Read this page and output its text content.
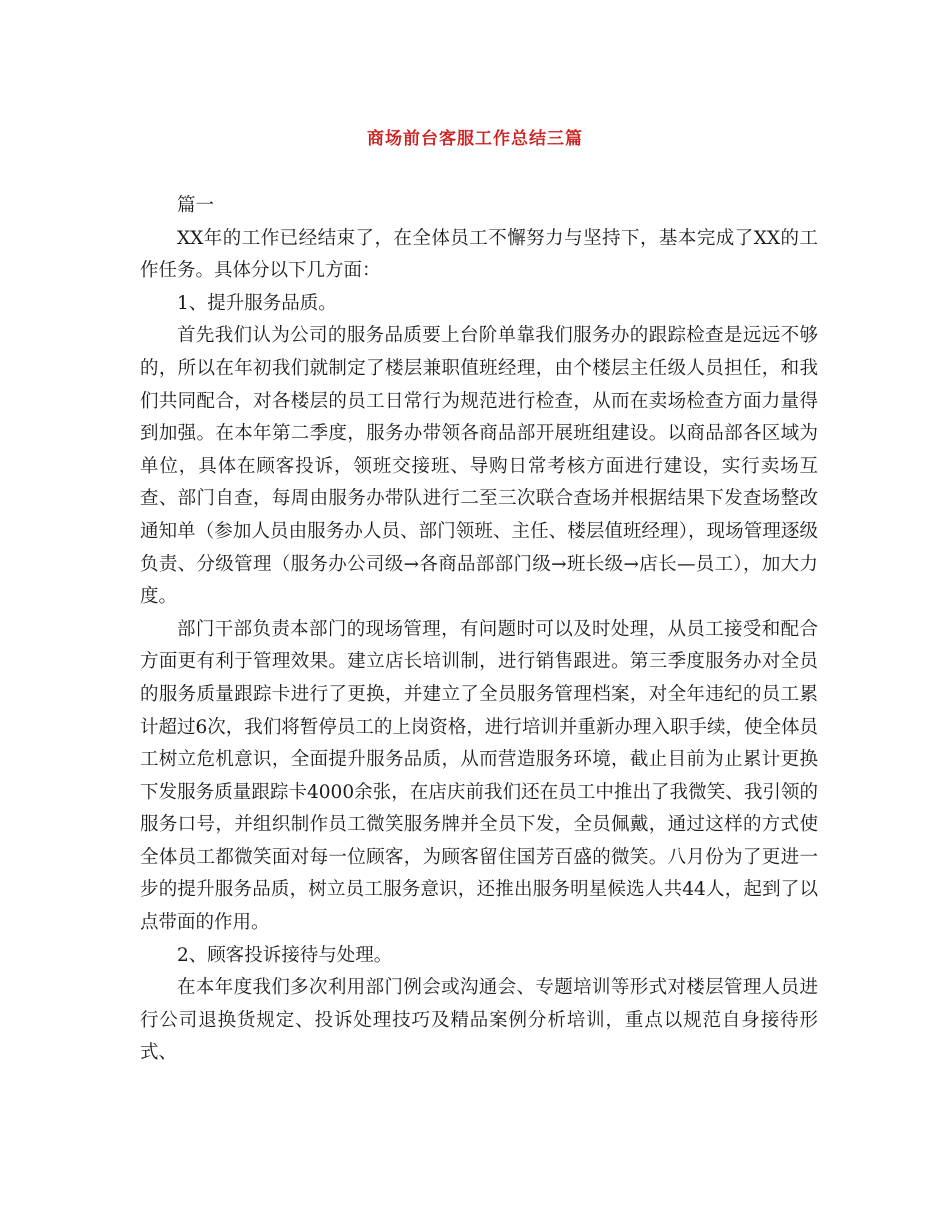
商场前台客服工作总结三篇

篇一

XX年的工作已经结束了，在全体员工不懈努力与坚持下，基本完成了XX的工作任务。具体分以下几方面：

1、提升服务品质。

首先我们认为公司的服务品质要上台阶单靠我们服务办的跟踪检查是远远不够的，所以在年初我们就制定了楼层兼职值班经理，由个楼层主任级人员担任，和我们共同配合，对各楼层的员工日常行为规范进行检查，从而在卖场检查方面力量得到加强。在本年第二季度，服务办带领各商品部开展班组建设。以商品部各区域为单位，具体在顾客投诉，领班交接班、导购日常考核方面进行建设，实行卖场互查、部门自查，每周由服务办带队进行二至三次联合查场并根据结果下发查场整改通知单（参加人员由服务办人员、部门领班、主任、楼层值班经理），现场管理逐级负责、分级管理（服务办公司级→各商品部部门级→班长级→店长—员工），加大力度。

部门干部负责本部门的现场管理，有问题时可以及时处理，从员工接受和配合方面更有利于管理效果。建立店长培训制，进行销售跟进。第三季度服务办对全员的服务质量跟踪卡进行了更换，并建立了全员服务管理档案，对全年违纪的员工累计超过6次，我们将暂停员工的上岗资格，进行培训并重新办理入职手续，使全体员工树立危机意识，全面提升服务品质，从而营造服务环境，截止目前为止累计更换下发服务质量跟踪卡4000余张，在店庆前我们还在员工中推出了我微笑、我引领的服务口号，并组织制作员工微笑服务牌并全员下发，全员佩戴，通过这样的方式使全体员工都微笑面对每一位顾客，为顾客留住国芳百盛的微笑。八月份为了更进一步的提升服务品质，树立员工服务意识，还推出服务明星候选人共44人，起到了以点带面的作用。

2、顾客投诉接待与处理。

在本年度我们多次利用部门例会或沟通会、专题培训等形式对楼层管理人员进行公司退换货规定、投诉处理技巧及精品案例分析培训，重点以规范自身接待形式、
